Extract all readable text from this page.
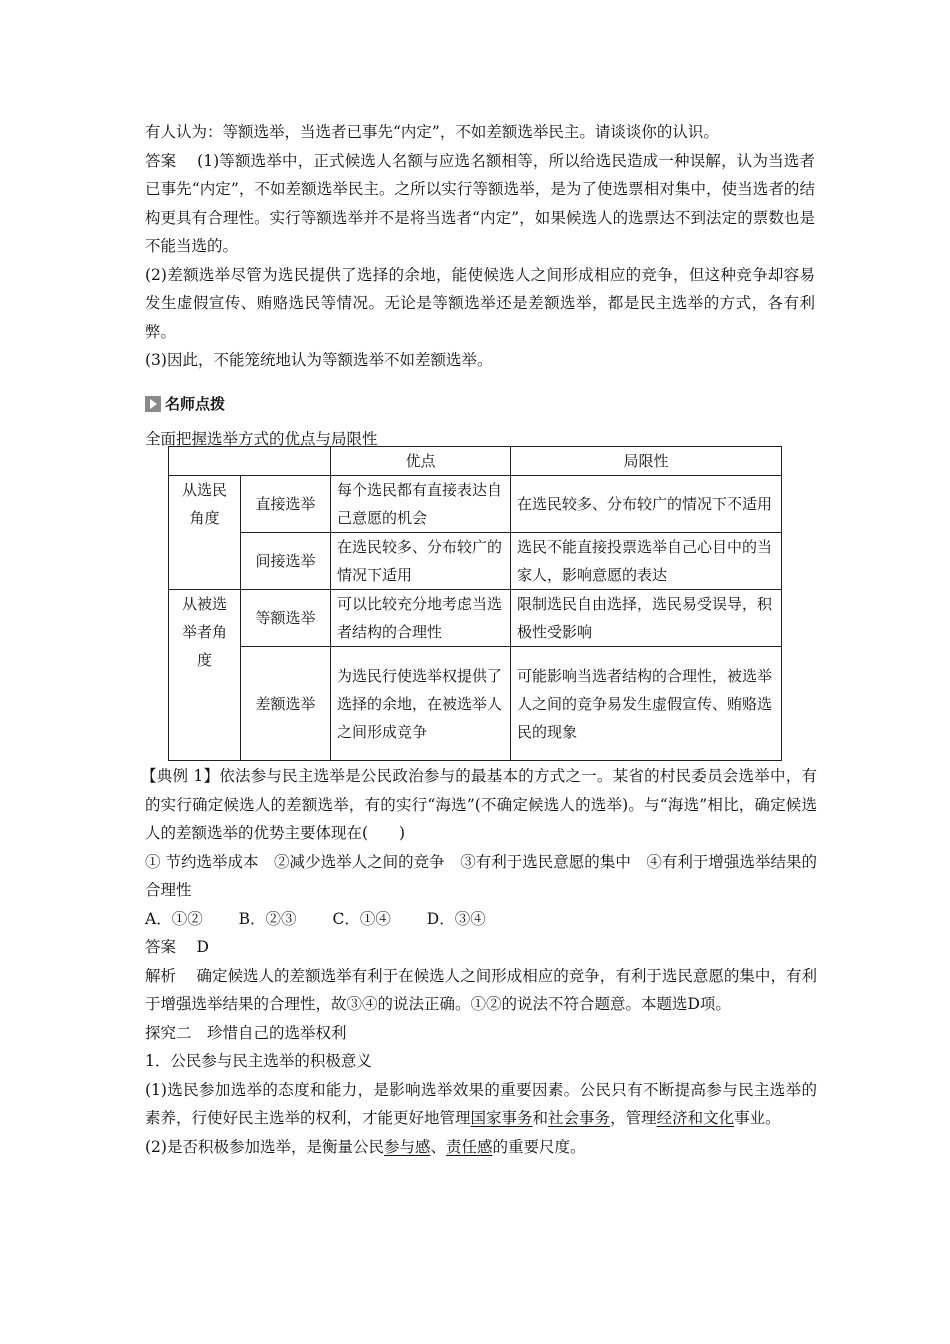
有人认为：等额选举，当选者已事先“内定”，不如差额选举民主。请谈谈你的认识。

答案　 (1)等额选举中，正式候选人名额与应选名额相等，所以给选民造成一种误解，认为当选者已事先“内定”，不如差额选举民主。之所以实行等额选举，是为了使选票相对集中，使当选者的结构更具有合理性。实行等额选举并不是将当选者“内定”，如果候选人的选票达不到法定的票数也是不能当选的。

(2)差额选举尽管为选民提供了选择的余地，能使候选人之间形成相应的竞争，但这种竞争却容易发生虚假宣传、贿赂选民等情况。无论是等额选举还是差额选举，都是民主选举的方式，各有利弊。

(3)因此，不能笼统地认为等额选举不如差额选举。

名师点拨

全面把握选举方式的优点与局限性

		优点	局限性
从选民角度	直接选举	每个选民都有直接表达自己意愿的机会	在选民较多、分布较广的情况下不适用
	间接选举	在选民较多、分布较广的情况下适用	选民不能直接投票选举自己心目中的当家人，影响意愿的表达
从被选举者角度	等额选举	可以比较充分地考虑当选者结构的合理性	限制选民自由选择，选民易受误导，积极性受影响
	差额选举	为选民行使选举权提供了选择的余地，在被选举人之间形成竞争	可能影响当选者结构的合理性，被选举人之间的竞争易发生虚假宣传、贿赂选民的现象

【典例 1】依法参与民主选举是公民政治参与的最基本的方式之一。某省的村民委员会选举中，有的实行确定候选人的差额选举，有的实行“海选”(不确定候选人的选举)。与“海选”相比，确定候选人的差额选举的优势主要体现在(　　)

① 节约选举成本　②减少选举人之间的竞争　③有利于选民意愿的集中　④有利于增强选举结果的合理性

A．①②　　 B．②③　　 C．①④　　 D．③④

答案　 D

解析　 确定候选人的差额选举有利于在候选人之间形成相应的竞争，有利于选民意愿的集中，有利于增强选举结果的合理性，故③④的说法正确。①②的说法不符合题意。本题选D项。

探究二　珍惜自己的选举权利

1．公民参与民主选举的积极意义

(1)选民参加选举的态度和能力，是影响选举效果的重要因素。公民只有不断提高参与民主选举的素养，行使好民主选举的权利，才能更好地管理国家事务和社会事务，管理经济和文化事业。

(2)是否积极参加选举，是衡量公民参与感、责任感的重要尺度。
